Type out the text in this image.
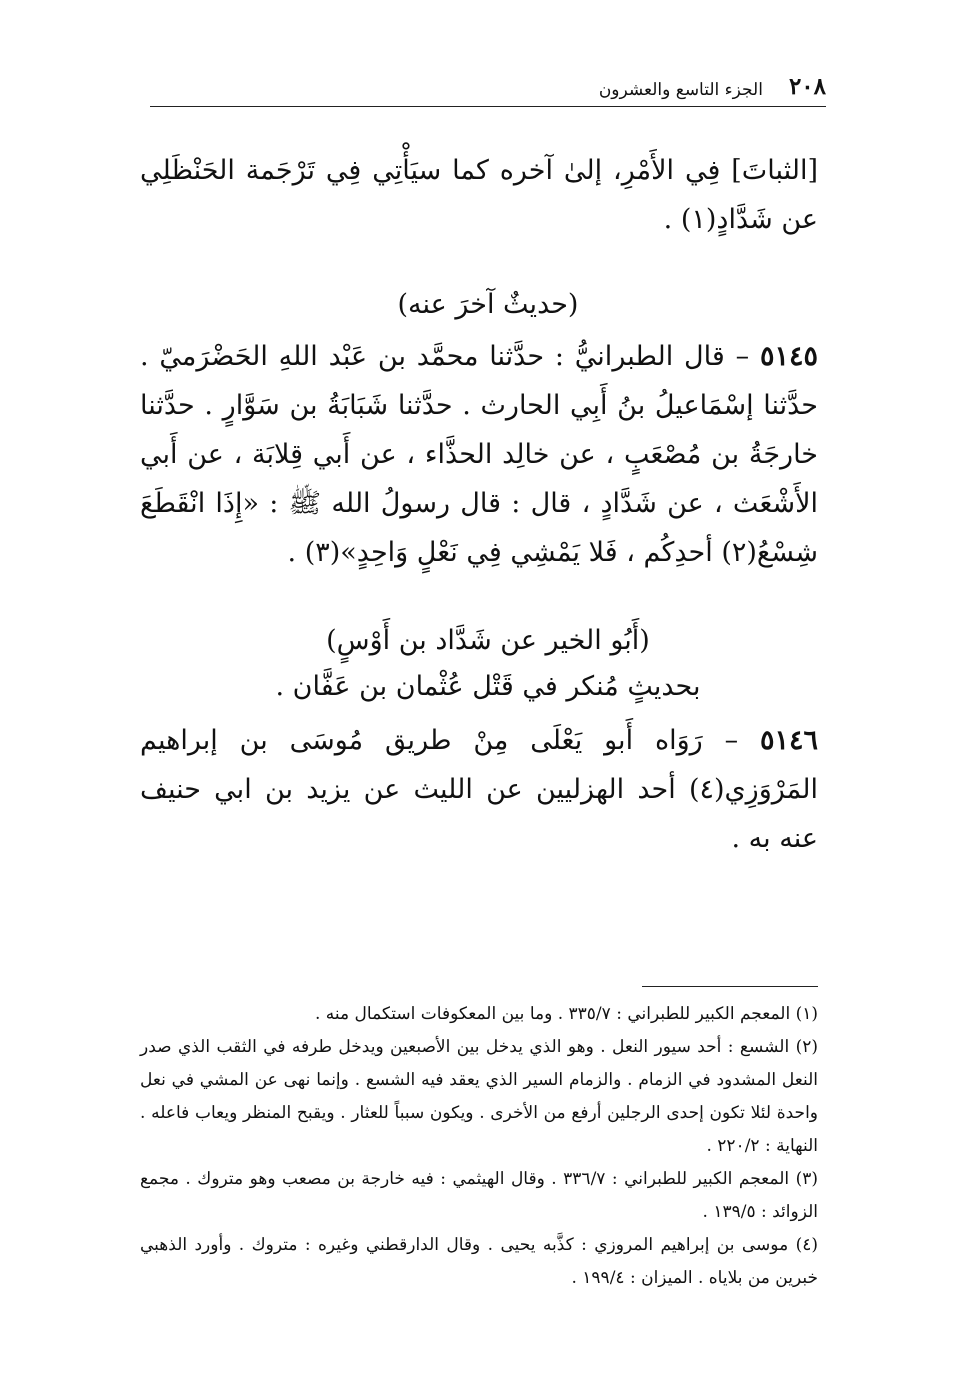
٢٠٨
الجزء التاسع والعشرون

[الثباتَ] فِي الأَمْرِ، إلىٰ آخره كما سيَأْتِي فِي تَرْجَمة الحَنْظَلِي عن شَدَّادٍ(١) .

(حديثٌ آخرَ عنه)

٥١٤٥ – قال الطبرانيُّ : حدَّثنا محمَّد بن عَبْد اللهِ الحَضْرَميّ . حدَّثنا إسْمَاعيلُ بنُ أَبِي الحارث . حدَّثنا شَبَابَةُ بن سَوَّارٍ . حدَّثنا خارجَةُ بن مُصْعَبٍ ، عن خالِد الحذَّاء ، عن أَبي قِلابَة ، عن أَبي الأَشْعَث ، عن شَدَّادٍ ، قال : قال رسولُ الله ﷺ : «إِذَا انْقَطَعَ شِسْعُ(٢) أحدِكُم ، فَلا يَمْشِي فِي نَعْلٍ وَاحِدٍ»(٣) .

(أَبُو الخير عن شَدَّاد بن أَوْسٍ)

بحديثٍ مُنكر في قَتْل عُثْمان بن عَفَّان .

٥١٤٦ – رَوَاه أَبو يَعْلَى مِنْ طريق مُوسَى بن إبراهيم المَرْوَزِي(٤) أحد الهزليين عن الليث عن يزيد بن ابي حنيف عنه به .

(١) المعجم الكبير للطبراني : ٣٣٥/٧ . وما بين المعكوفات استكمال منه .

(٢) الشسع : أحد سيور النعل . وهو الذي يدخل بين الأصبعين ويدخل طرفه في الثقب الذي صدر النعل المشدود في الزمام . والزمام السير الذي يعقد فيه الشسع . وإنما نهى عن المشي في نعل واحدة لئلا تكون إحدى الرجلين أرفع من الأخرى . ويكون سبباً للعثار . ويقبح المنظر ويعاب فاعله . النهاية : ٢٢٠/٢ .

(٣) المعجم الكبير للطبراني : ٣٣٦/٧ . وقال الهيثمي : فيه خارجة بن مصعب وهو متروك . مجمع الزوائد : ١٣٩/٥ .

(٤) موسى بن إبراهيم المروزي : كذَّبه يحيى . وقال الدارقطني وغيره : متروك . وأورد الذهبي خبرين من بلاياه . الميزان : ١٩٩/٤ .
